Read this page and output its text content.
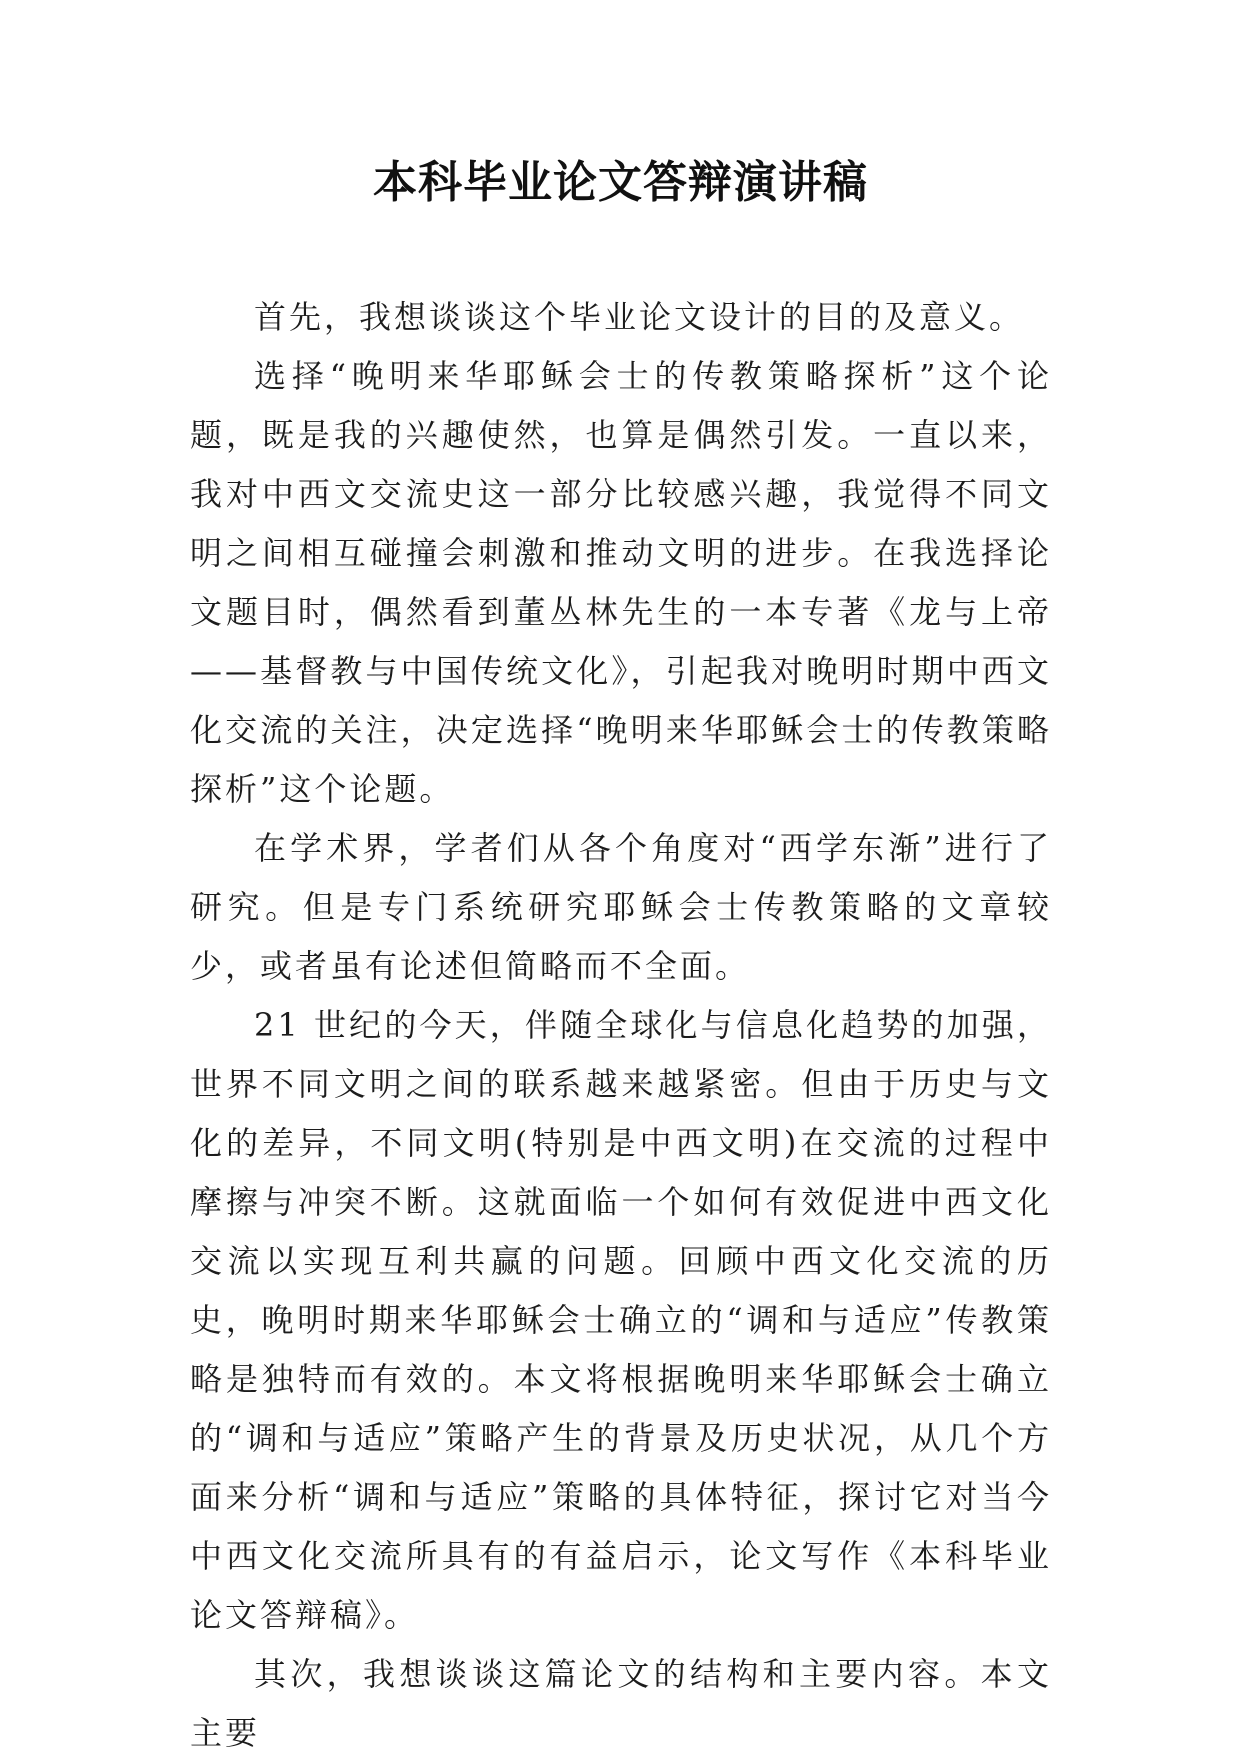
本科毕业论文答辩演讲稿

首先，我想谈谈这个毕业论文设计的目的及意义。

选择“晚明来华耶稣会士的传教策略探析”这个论题，既是我的兴趣使然，也算是偶然引发。一直以来，我对中西文交流史这一部分比较感兴趣，我觉得不同文明之间相互碰撞会刺激和推动文明的进步。在我选择论文题目时，偶然看到董丛林先生的一本专著《龙与上帝——基督教与中国传统文化》，引起我对晚明时期中西文化交流的关注，决定选择“晚明来华耶稣会士的传教策略探析”这个论题。

在学术界，学者们从各个角度对“西学东渐”进行了研究。但是专门系统研究耶稣会士传教策略的文章较少，或者虽有论述但简略而不全面。

21 世纪的今天，伴随全球化与信息化趋势的加强，世界不同文明之间的联系越来越紧密。但由于历史与文化的差异，不同文明(特别是中西文明)在交流的过程中摩擦与冲突不断。这就面临一个如何有效促进中西文化交流以实现互利共赢的问题。回顾中西文化交流的历史，晚明时期来华耶稣会士确立的“调和与适应”传教策略是独特而有效的。本文将根据晚明来华耶稣会士确立的“调和与适应”策略产生的背景及历史状况，从几个方面来分析“调和与适应”策略的具体特征，探讨它对当今中西文化交流所具有的有益启示，论文写作《本科毕业论文答辩稿》。

其次，我想谈谈这篇论文的结构和主要内容。本文主要
